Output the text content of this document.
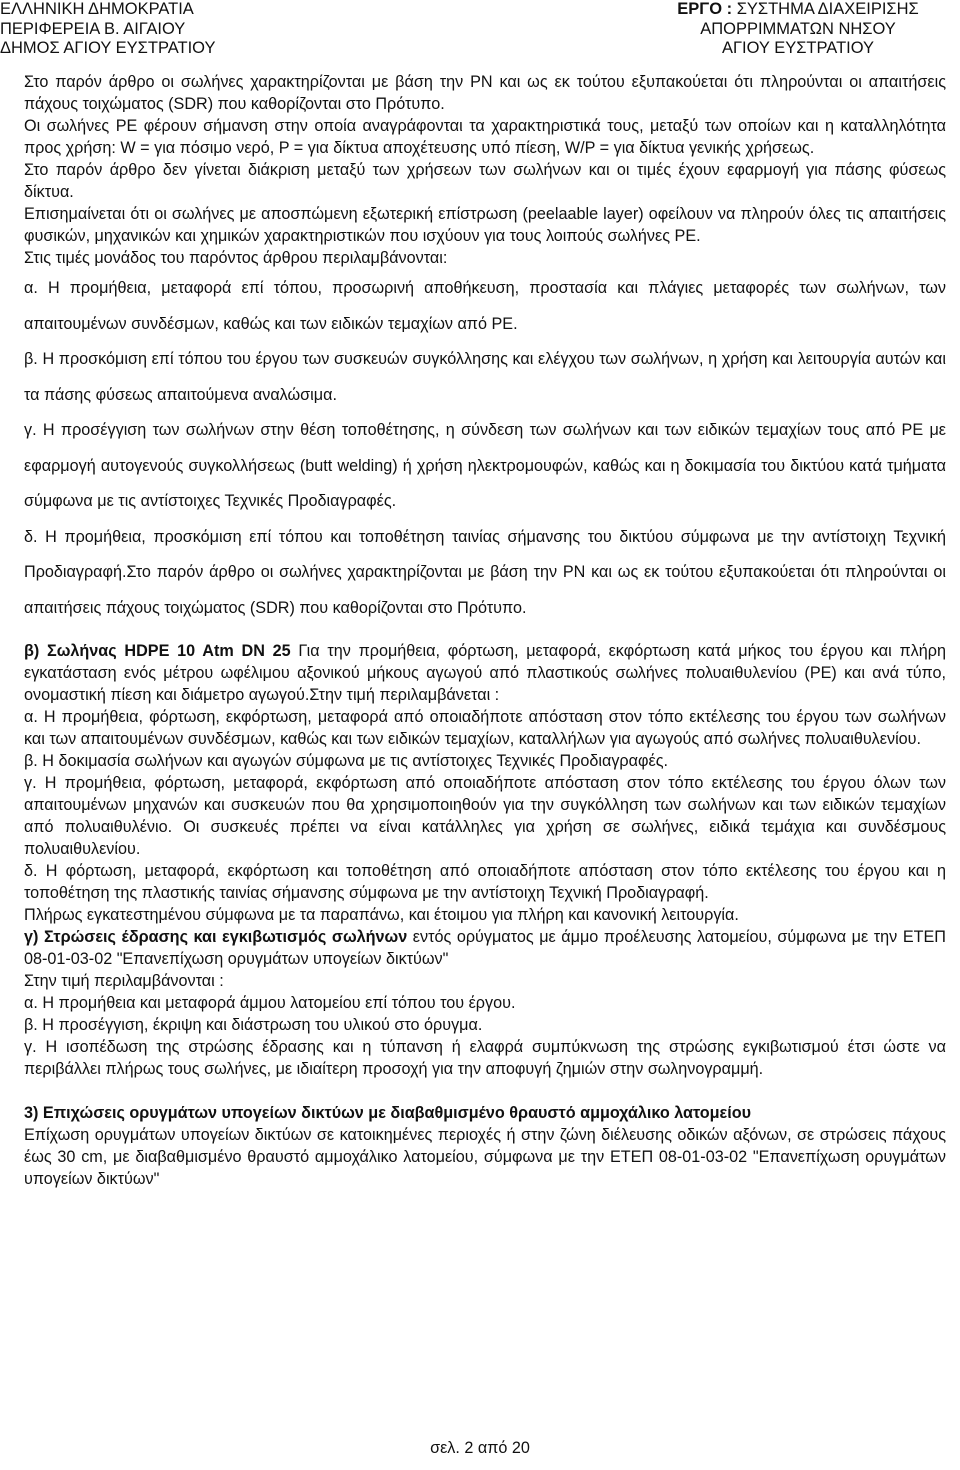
ΕΛΛΗΝΙΚΗ ΔΗΜΟΚΡΑΤΙΑ
ΠΕΡΙΦΕΡΕΙΑ Β. ΑΙΓΑΙΟΥ
ΔΗΜΟΣ ΑΓΙΟΥ ΕΥΣΤΡΑΤΙΟΥ
ΕΡΓΟ : ΣΥΣΤΗΜΑ ΔΙΑΧΕΙΡΙΣΗΣ
ΑΠΟΡΡΙΜΜΑΤΩΝ ΝΗΣΟΥ
ΑΓΙΟΥ ΕΥΣΤΡΑΤΙΟΥ

Στο παρόν άρθρο οι σωλήνες χαρακτηρίζονται με βάση την PN και ως εκ τούτου εξυπακούεται ότι πληρούνται οι απαιτήσεις πάχους τοιχώματος (SDR) που καθορίζονται στο Πρότυπο.

Οι σωλήνες PE φέρουν σήμανση στην οποία αναγράφονται τα χαρακτηριστικά τους, μεταξύ των οποίων και η καταλληλότητα προς χρήση: W = για πόσιμο νερό, P = για δίκτυα αποχέτευσης υπό πίεση, W/P = για δίκτυα γενικής χρήσεως.

Στο παρόν άρθρο δεν γίνεται διάκριση μεταξύ των χρήσεων των σωλήνων και οι τιμές έχουν εφαρμογή για πάσης φύσεως δίκτυα.

Επισημαίνεται ότι οι σωλήνες με αποσπώμενη εξωτερική επίστρωση (peelaable layer) οφείλουν να πληρούν όλες τις απαιτήσεις φυσικών, μηχανικών και χημικών χαρακτηριστικών που ισχύουν για τους λοιπούς σωλήνες PE.

Στις τιμές μονάδος του παρόντος άρθρου περιλαμβάνονται:

α. Η προμήθεια, μεταφορά επί τόπου, προσωρινή αποθήκευση, προστασία και πλάγιες μεταφορές των σωλήνων, των απαιτουμένων συνδέσμων, καθώς και των ειδικών τεμαχίων από PE.

β. Η προσκόμιση επί τόπου του έργου των συσκευών συγκόλλησης και ελέγχου των σωλήνων, η χρήση και λειτουργία αυτών και τα πάσης φύσεως απαιτούμενα αναλώσιμα.

γ. Η προσέγγιση των σωλήνων στην θέση τοποθέτησης, η σύνδεση των σωλήνων και των ειδικών τεμαχίων τους από PE με εφαρμογή αυτογενούς συγκολλήσεως (butt welding) ή χρήση ηλεκτρομουφών, καθώς και η δοκιμασία του δικτύου κατά τμήματα σύμφωνα με τις αντίστοιχες Τεχνικές Προδιαγραφές.

δ. Η προμήθεια, προσκόμιση επί τόπου και τοποθέτηση ταινίας σήμανσης του δικτύου σύμφωνα με την αντίστοιχη Τεχνική Προδιαγραφή.Στο παρόν άρθρο οι σωλήνες χαρακτηρίζονται με βάση την PN και ως εκ τούτου εξυπακούεται ότι πληρούνται οι απαιτήσεις πάχους τοιχώματος (SDR) που καθορίζονται στο Πρότυπο.

β) Σωλήνας HDPE 10 Atm DN 25 Για την προμήθεια, φόρτωση, μεταφορά, εκφόρτωση κατά μήκος του έργου και πλήρη εγκατάσταση ενός μέτρου ωφέλιμου αξονικού μήκους αγωγού από πλαστικούς σωλήνες πολυαιθυλενίου (PE) και ανά τύπο, ονομαστική πίεση και διάμετρο αγωγού.Στην τιμή περιλαμβάνεται :

α. Η προμήθεια, φόρτωση, εκφόρτωση, μεταφορά από οποιαδήποτε απόσταση στον τόπο εκτέλεσης του έργου των σωλήνων και των απαιτουμένων συνδέσμων, καθώς και των ειδικών τεμαχίων, καταλλήλων για αγωγούς από σωλήνες πολυαιθυλενίου.

β. Η δοκιμασία σωλήνων και αγωγών σύμφωνα με τις αντίστοιχες Τεχνικές Προδιαγραφές.

γ. Η προμήθεια, φόρτωση, μεταφορά, εκφόρτωση από οποιαδήποτε απόσταση στον τόπο εκτέλεσης του έργου όλων των απαιτουμένων μηχανών και συσκευών που θα χρησιμοποιηθούν για την συγκόλληση των σωλήνων και των ειδικών τεμαχίων από πολυαιθυλένιο. Οι συσκευές πρέπει να είναι κατάλληλες για χρήση σε σωλήνες, ειδικά τεμάχια και συνδέσμους πολυαιθυλενίου.

δ. Η φόρτωση, μεταφορά, εκφόρτωση και τοποθέτηση από οποιαδήποτε απόσταση στον τόπο εκτέλεσης του έργου και η τοποθέτηση της πλαστικής ταινίας σήμανσης σύμφωνα με την αντίστοιχη Τεχνική Προδιαγραφή.

Πλήρως εγκατεστημένου σύμφωνα με τα παραπάνω, και έτοιμου για πλήρη και κανονική λειτουργία.

γ) Στρώσεις έδρασης και εγκιβωτισμός σωλήνων εντός ορύγματος με άμμο προέλευσης λατομείου, σύμφωνα με την ΕΤΕΠ 08-01-03-02 "Επανεπίχωση ορυγμάτων υπογείων δικτύων"

Στην τιμή περιλαμβάνονται :

α. Η προμήθεια και μεταφορά άμμου λατομείου επί τόπου του έργου.

β. Η προσέγγιση, έκριψη και διάστρωση του υλικού στο όρυγμα.

γ. Η ισοπέδωση της στρώσης έδρασης και η τύπανση ή ελαφρά συμπύκνωση της στρώσης εγκιβωτισμού έτσι ώστε να περιβάλλει πλήρως τους σωλήνες, με ιδιαίτερη προσοχή για την αποφυγή ζημιών στην σωληνογραμμή.

3) Επιχώσεις ορυγμάτων υπογείων δικτύων με διαβαθμισμένο θραυστό αμμοχάλικο λατομείου

Επίχωση ορυγμάτων υπογείων δικτύων σε κατοικημένες περιοχές ή στην ζώνη διέλευσης οδικών αξόνων, σε στρώσεις πάχους έως 30 cm, με διαβαθμισμένο θραυστό αμμοχάλικο λατομείου, σύμφωνα με την ΕΤΕΠ 08-01-03-02 "Επανεπίχωση ορυγμάτων υπογείων δικτύων"

σελ. 2 από 20
